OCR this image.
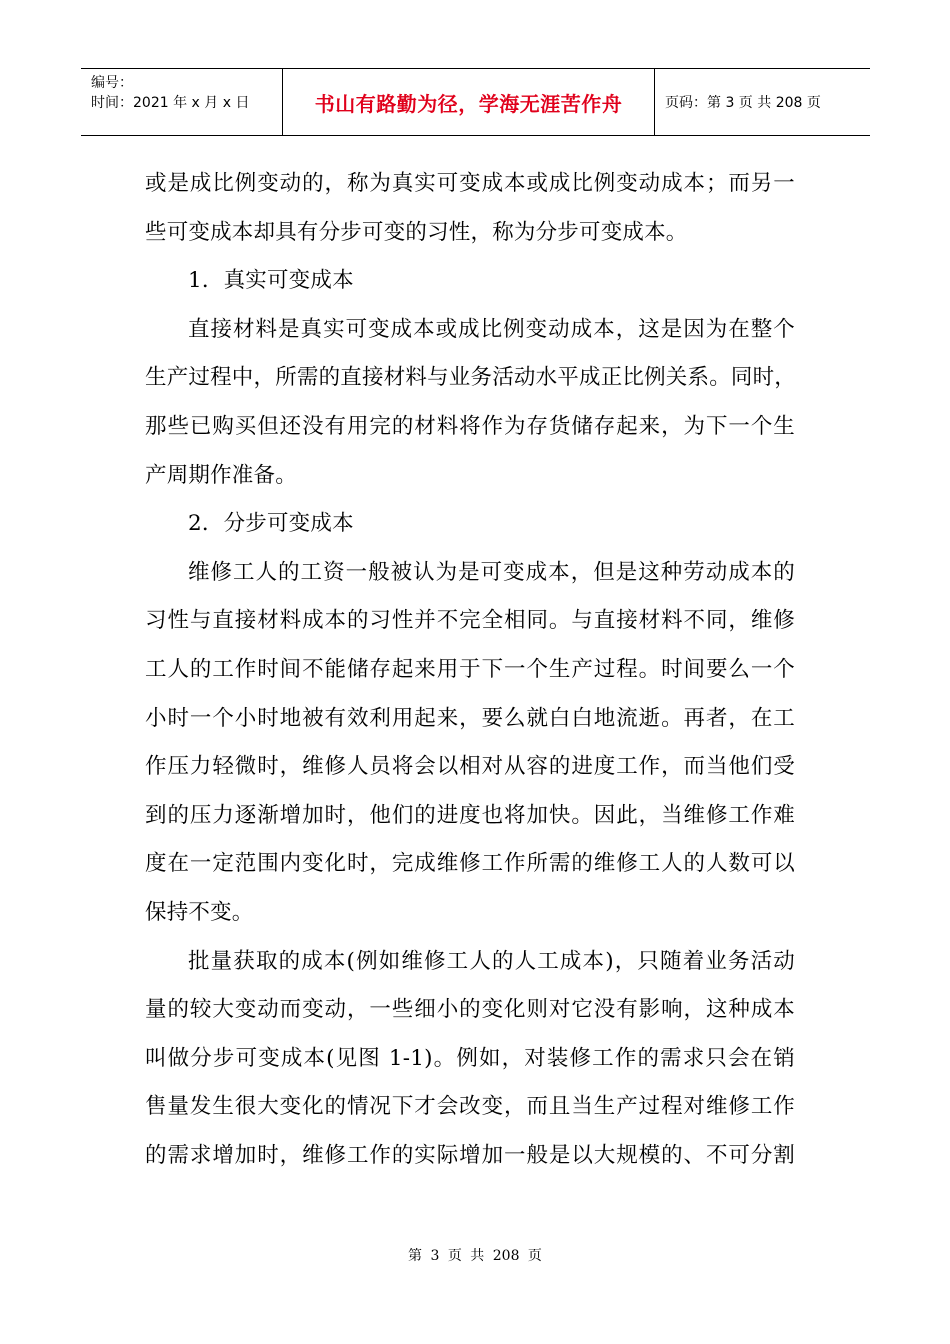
编号：
时间：2021 年 x 月 x 日	书山有路勤为径，学海无涯苦作舟	页码：第 3 页 共 208 页

或是成比例变动的，称为真实可变成本或成比例变动成本；而另一
些可变成本却具有分步可变的习性，称为分步可变成本。

1．真实可变成本

直接材料是真实可变成本或成比例变动成本，这是因为在整个
生产过程中，所需的直接材料与业务活动水平成正比例关系。同时，
那些已购买但还没有用完的材料将作为存货储存起来，为下一个生
产周期作准备。

2．分步可变成本

维修工人的工资一般被认为是可变成本，但是这种劳动成本的
习性与直接材料成本的习性并不完全相同。与直接材料不同，维修
工人的工作时间不能储存起来用于下一个生产过程。时间要么一个
小时一个小时地被有效利用起来，要么就白白地流逝。再者，在工
作压力轻微时，维修人员将会以相对从容的进度工作，而当他们受
到的压力逐渐增加时，他们的进度也将加快。因此，当维修工作难
度在一定范围内变化时，完成维修工作所需的维修工人的人数可以
保持不变。

批量获取的成本(例如维修工人的人工成本)，只随着业务活动
量的较大变动而变动，一些细小的变化则对它没有影响，这种成本
叫做分步可变成本(见图 1-1)。例如，对装修工作的需求只会在销
售量发生很大变化的情况下才会改变，而且当生产过程对维修工作
的需求增加时，维修工作的实际增加一般是以大规模的、不可分割

第 3 页 共 208 页
